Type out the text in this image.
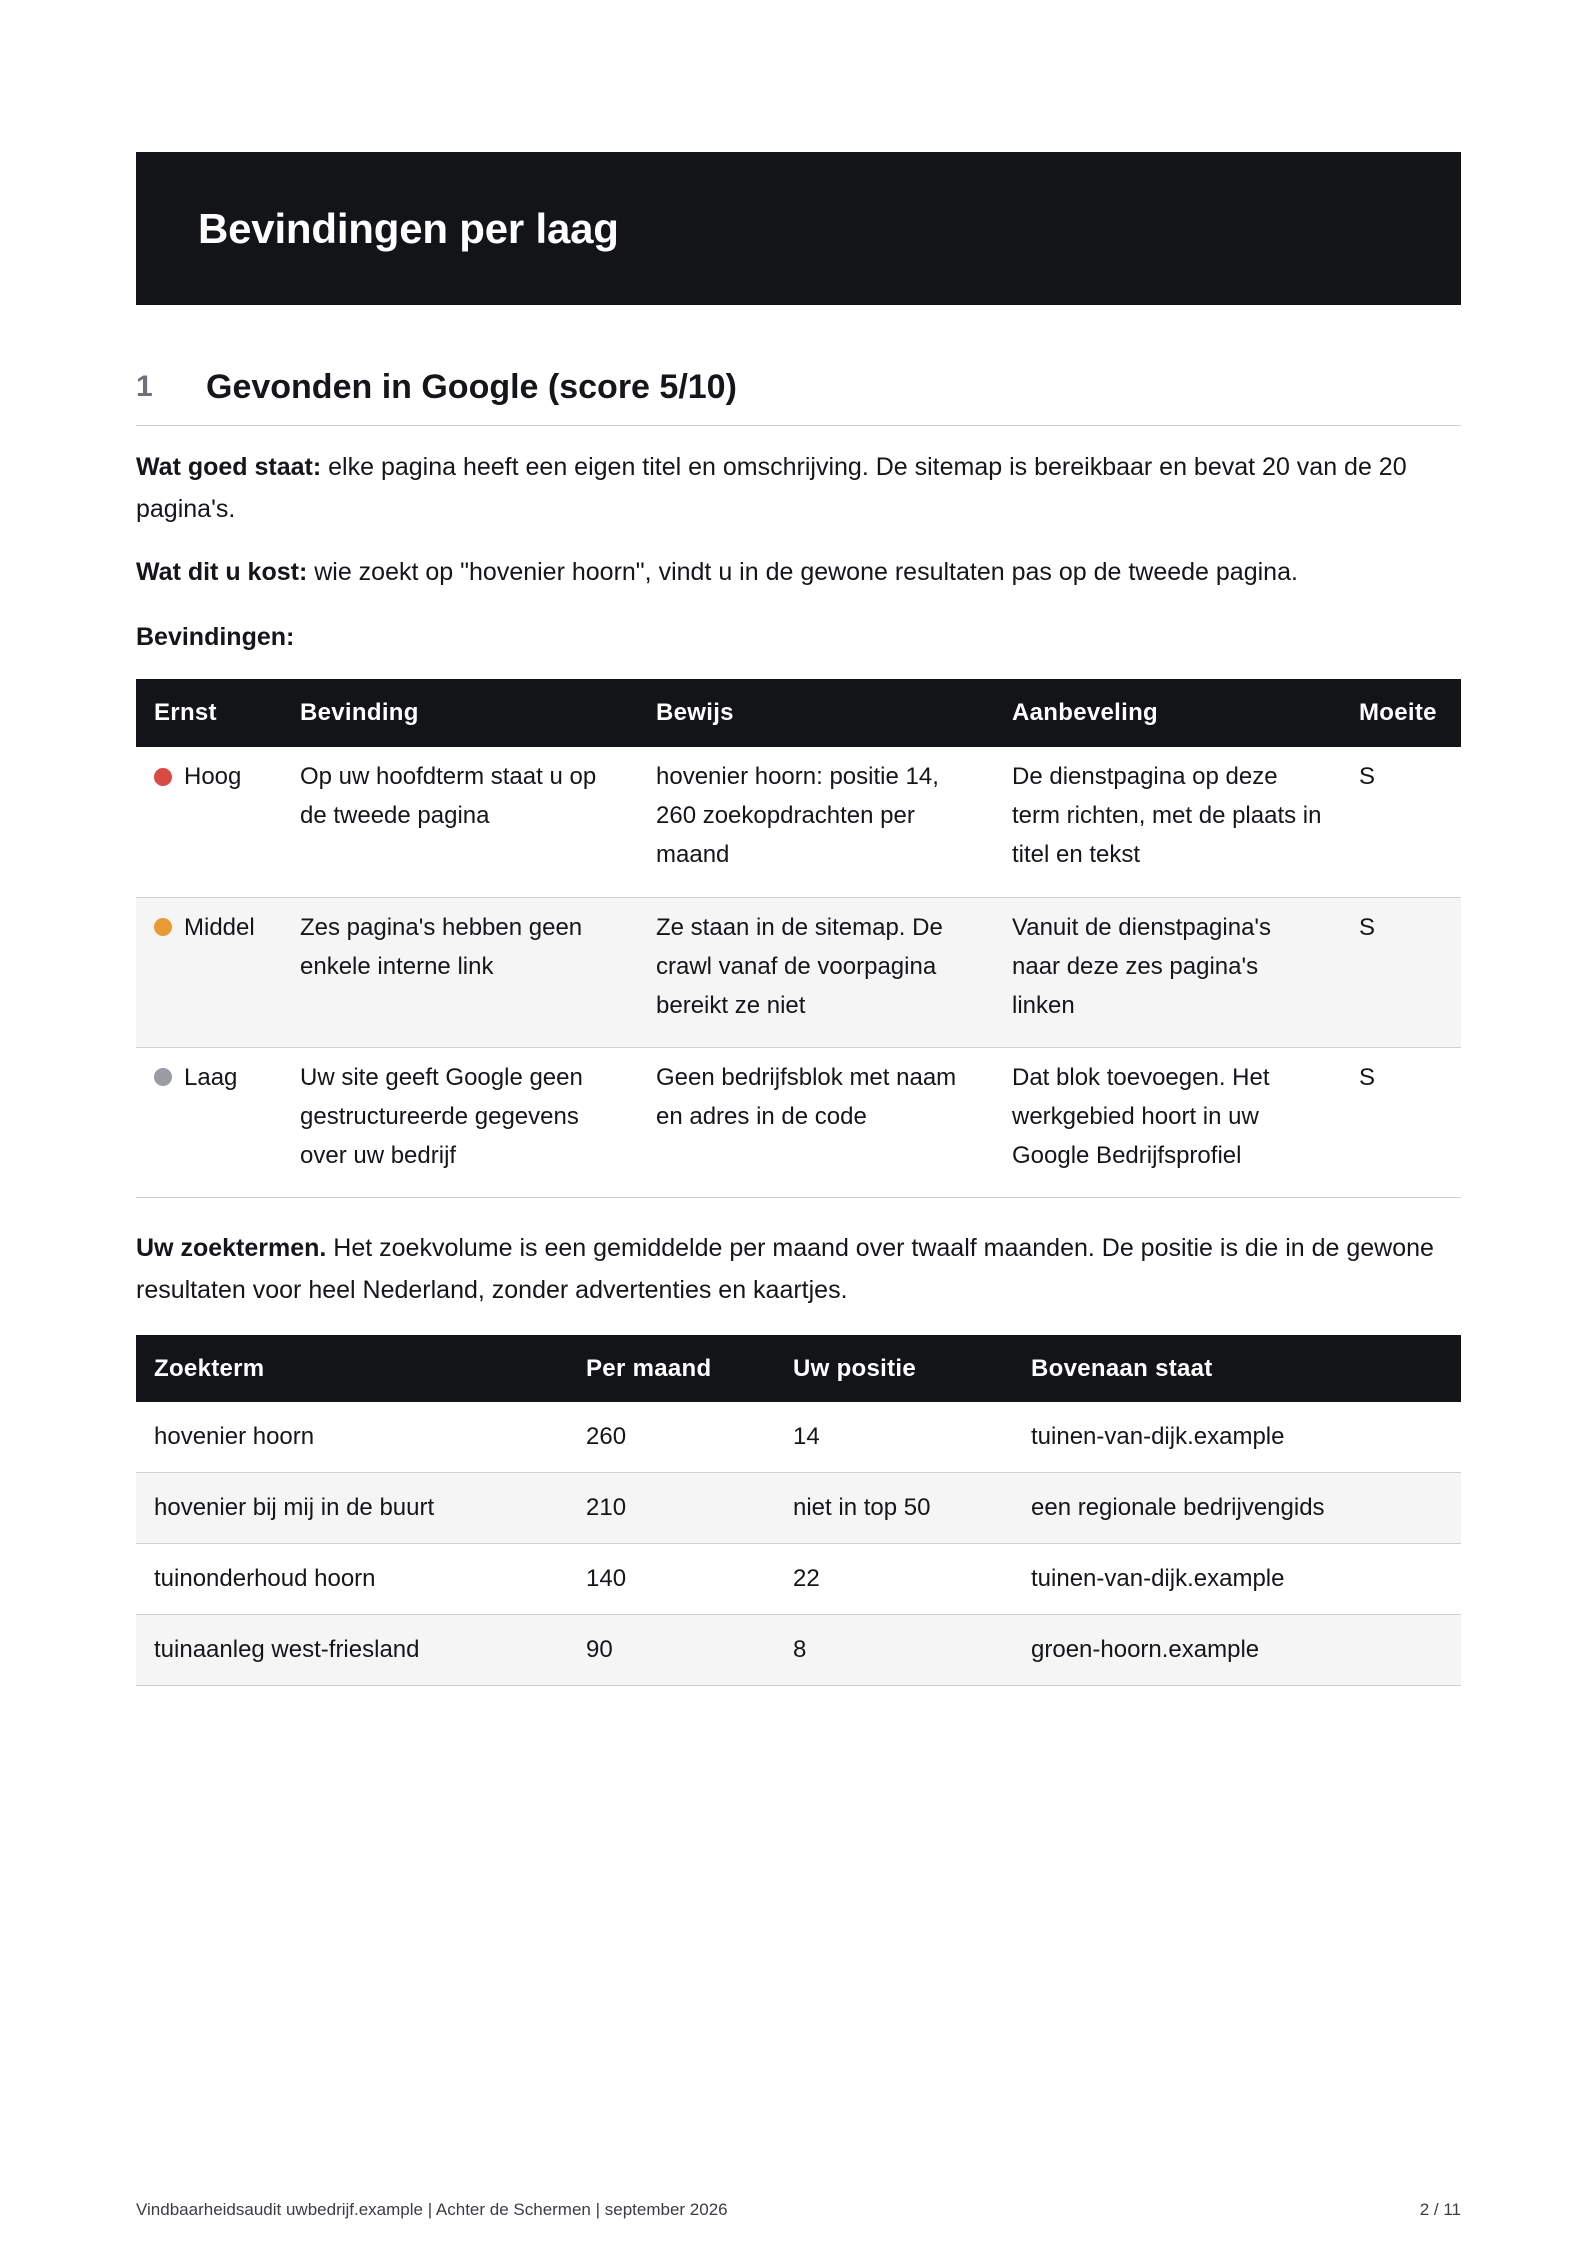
Bevindingen per laag
1	Gevonden in Google (score 5/10)

Wat goed staat: elke pagina heeft een eigen titel en omschrijving. De sitemap is bereikbaar en bevat 20 van de 20 pagina's.

Wat dit u kost: wie zoekt op "hovenier hoorn", vindt u in de gewone resultaten pas op de tweede pagina.

Bevindingen:
Ernst	Bevinding	Bewijs	Aanbeveling	Moeite

Hoog	Op uw hoofdterm staat u op de tweede pagina	hovenier hoorn: positie 14, 260 zoekopdrachten per maand	De dienstpagina op deze term richten, met de plaats in titel en tekst	S

Middel	Zes pagina's hebben geen enkele interne link	Ze staan in de sitemap. De crawl vanaf de voorpagina bereikt ze niet	Vanuit de dienstpagina's naar deze zes pagina's linken	S

Laag	Uw site geeft Google geen gestructureerde gegevens over uw bedrijf	Geen bedrijfsblok met naam en adres in de code	Dat blok toevoegen. Het werkgebied hoort in uw Google Bedrijfsprofiel	S

Uw zoektermen. Het zoekvolume is een gemiddelde per maand over twaalf maanden. De positie is die in de gewone resultaten voor heel Nederland, zonder advertenties en kaartjes.

Zoekterm	Per maand	Uw positie	Bovenaan staat
hovenier hoorn	260	14	tuinen-van-dijk.example
hovenier bij mij in de buurt	210	niet in top 50	een regionale bedrijvengids
tuinonderhoud hoorn	140	22	tuinen-van-dijk.example
tuinaanleg west-friesland	90	8	groen-hoorn.example
Vindbaarheidsaudit uwbedrijf.example | Achter de Schermen | september 2026	2 / 11
